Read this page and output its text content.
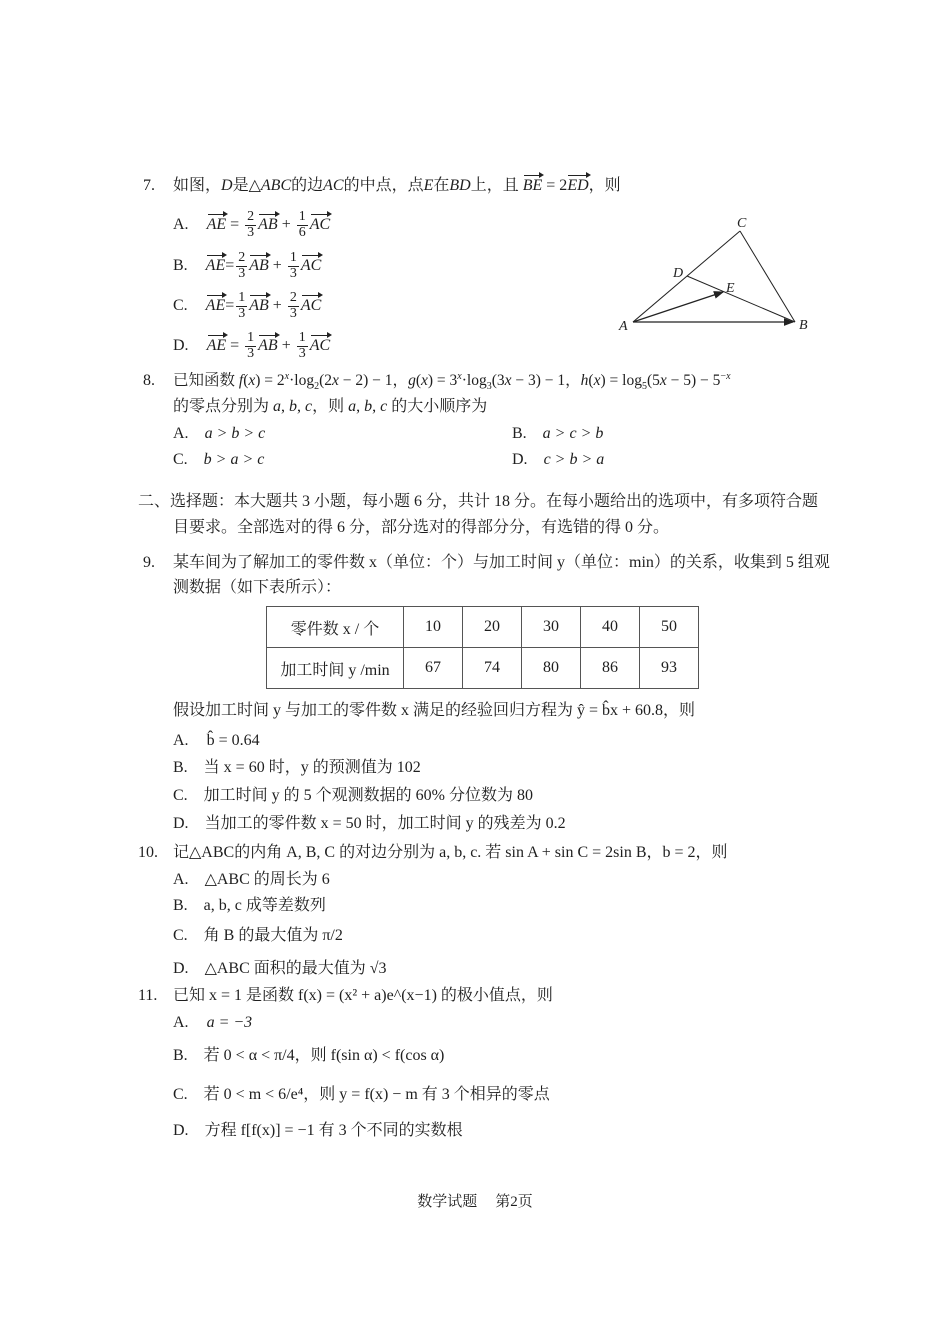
7. 如图，D是△ABC的边AC的中点，点E在BD上，且 BE = 2ED，则
A. AE = $\frac{2}{3}$ AB + $\frac{1}{6}$ AC
B. $AE= \frac{2}{3}$ AB + $\frac{1}{3}$ AC
C. $AE= \frac{1}{3}$ AB + $\frac{2}{3}$ AC
D. AE = $\frac{1}{3}$ AB + $\frac{1}{3}$ AC
C
D
E
A	B
8. 已知函数 $f(x) = 2^x\cdot\log_2(2x - 2) - 1$，$g(x) = 3^x\cdot\log_3(3x - 3) - 1$，$h(x) = \log_5(5x - 5) - 5^{-x}$
的零点分别为 a, b, c，则 a, b, c 的大小顺序为
A. a > b > c	B. a > c > b
C. b > a > c	D. c > b > a
二、选择题：本大题共 3 小题，每小题 6 分，共计 18 分。在每小题给出的选项中，有多项符合题
目要求。全部选对的得 6 分，部分选对的得部分分，有选错的得 0 分。
9. 某车间为了解加工的零件数 x（单位：个）与加工时间 y（单位：min）的关系，收集到 5 组观
测数据（如下表所示）：
零件数 x / 个	10	20	30	40	50
加工时间 y /min	67	74	80	86	93
假设加工时间 y 与加工的零件数 x 满足的经验回归方程为 ŷ = b̂x + 60.8，则
A. b̂ = 0.64
B. 当 x = 60 时，y 的预测值为 102
C. 加工时间 y 的 5 个观测数据的 60% 分位数为 80
D. 当加工的零件数 x = 50 时，加工时间 y 的残差为 0.2
10. 记△ABC的内角 A, B, C 的对边分别为 a, b, c. 若 sin A + sin C = 2sin B，b = 2，则
A. △ABC 的周长为 6
B. a, b, c 成等差数列
C. 角 B 的最大值为 π/2
D. △ABC 面积的最大值为 √3
11. 已知 x = 1 是函数 f(x) = (x² + a)e^(x−1) 的极小值点，则
A. a = −3
B. 若 0 < α < π/4，则 f(sin α) < f(cos α)
C. 若 0 < m < 6/e⁴，则 y = f(x) − m 有 3 个相异的零点
D. 方程 f[f(x)] = −1 有 3 个不同的实数根
数学试题 第2页
